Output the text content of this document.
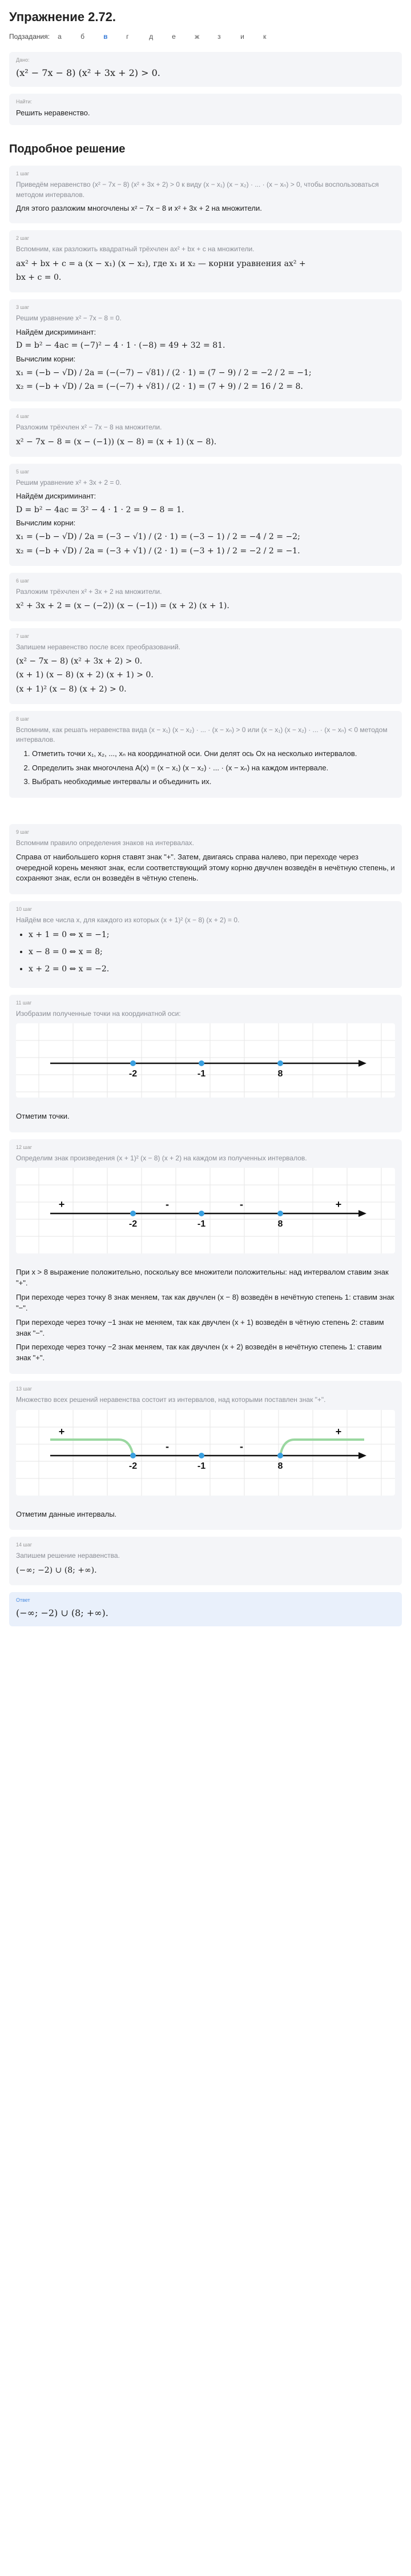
Упражнение 2.72.
Подзадания: а	б	в	г	д	е	ж	з	и	к
Дано:
(x² − 7x − 8) (x² + 3x + 2) > 0.
Найти:
Решить неравенство.
Подробное решение
1 шаг
Приведём неравенство (x² − 7x − 8) (x² + 3x + 2) > 0 к виду (x − x₁) (x − x₂) · ... · (x − xₙ) > 0, чтобы воспользоваться методом интервалов.
Для этого разложим многочлены x² − 7x − 8 и x² + 3x + 2 на множители.
2 шаг
Вспомним, как разложить квадратный трёхчлен ax² + bx + c на множители.
ax² + bx + c = a (x − x₁) (x − x₂), где x₁ и x₂ — корни уравнения ax² +
bx + c = 0.
3 шаг
Решим уравнение x² − 7x − 8 = 0.
Найдём дискриминант:
D = b² − 4ac = (−7)² − 4 · 1 · (−8) = 49 + 32 = 81.
Вычислим корни:
x₁ = (−b − √D) / 2a = (−(−7) − √81) / (2 · 1) = (7 − 9) / 2 = −2 / 2 = −1;
x₂ = (−b + √D) / 2a = (−(−7) + √81) / (2 · 1) = (7 + 9) / 2 = 16 / 2 = 8.
4 шаг
Разложим трёхчлен x² − 7x − 8 на множители.
x² − 7x − 8 = (x − (−1)) (x − 8) = (x + 1) (x − 8).
5 шаг
Решим уравнение x² + 3x + 2 = 0.
Найдём дискриминант:
D = b² − 4ac = 3² − 4 · 1 · 2 = 9 − 8 = 1.
Вычислим корни:
x₁ = (−b − √D) / 2a = (−3 − √1) / (2 · 1) = (−3 − 1) / 2 = −4 / 2 = −2;
x₂ = (−b + √D) / 2a = (−3 + √1) / (2 · 1) = (−3 + 1) / 2 = −2 / 2 = −1.
6 шаг
Разложим трёхчлен x² + 3x + 2 на множители.
x² + 3x + 2 = (x − (−2)) (x − (−1)) = (x + 2) (x + 1).
7 шаг
Запишем неравенство после всех преобразований.
(x² − 7x − 8) (x² + 3x + 2) > 0.
(x + 1) (x − 8) (x + 2) (x + 1) > 0.
(x + 1)² (x − 8) (x + 2) > 0.
8 шаг
Вспомним, как решать неравенства вида (x − x₁) (x − x₂) · ... · (x − xₙ) > 0 или (x − x₁) (x − x₂) · ... · (x − xₙ) < 0 методом интервалов.
1. Отметить точки x₁, x₂, ..., xₙ на координатной оси. Они делят ось Ox на несколько интервалов.
2. Определить знак многочлена A(x) = (x − x₁) (x − x₂) · ... · (x − xₙ) на каждом интервале.
3. Выбрать необходимые интервалы и объединить их.
9 шаг
Вспомним правило определения знаков на интервалах.

Справа от наибольшего корня ставят знак "+". Затем, двигаясь справа налево, при переходе через очередной корень меняют знак, если соответствующий этому корню двучлен возведён в нечётную степень, и сохраняют знак, если он возведён в чётную степень.

10 шаг
Найдём все числа x, для каждого из которых (x + 1)² (x − 8) (x + 2) = 0.
• x + 1 = 0 ⇔ x = −1;
• x − 8 = 0 ⇔ x = 8;
• x + 2 = 0 ⇔ x = −2.
11 шаг
Изобразим полученные точки на координатной оси:
-2	-1	8

Отметим точки.

12 шаг
Определим знак произведения (x + 1)² (x − 8) (x + 2) на каждом из полученных интервалов.
+	-	-	+
-2	-1	8

При x > 8 выражение положительно, поскольку все множители положительны: над интервалом ставим знак "+".

При переходе через точку 8 знак меняем, так как двучлен (x − 8) возведён в нечётную степень 1: ставим знак "−".

При переходе через точку −1 знак не меняем, так как двучлен (x + 1) возведён в чётную степень 2: ставим знак "−".

При переходе через точку −2 знак меняем, так как двучлен (x + 2) возведён в нечётную степень 1: ставим знак "+".

13 шаг
Множество всех решений неравенства состоит из интервалов, над которыми поставлен знак "+".
+
-	-
+
-2	-1	8

Отметим данные интервалы.

14 шаг
Запишем решение неравенства.
(−∞; −2) ∪ (8; +∞).
Ответ
(−∞; −2) ∪ (8; +∞).
